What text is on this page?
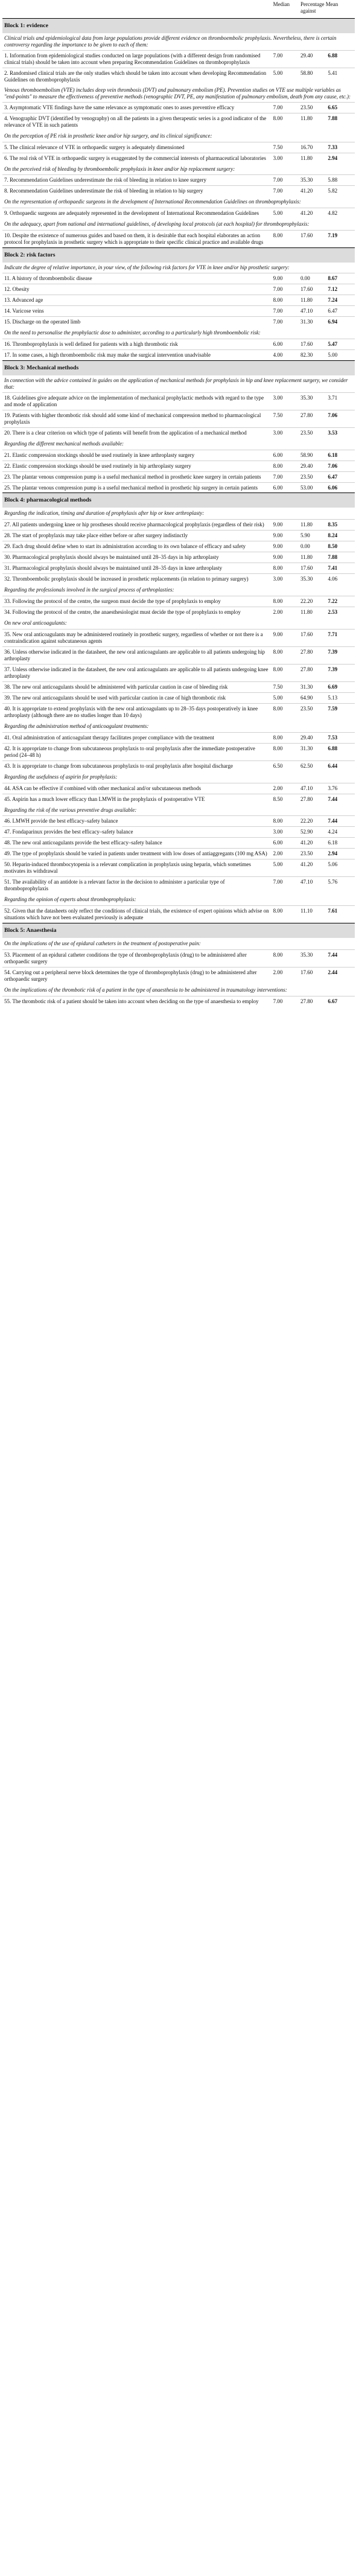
	Median	Percentage Mean against	
Block 1: evidence			
Clinical trials and epidemiological data from large populations provide different evidence on thromboembolic prophylaxis. Nevertheless, there is certain controversy regarding the importance to be given to each of them:			
1. Information from epidemiological studies conducted on large populations (with a different design from randomised clinical trials) should be taken into account when preparing Recommendation Guidelines on thromboprophylaxis	7.00	29.40	6.88
2. Randomised clinical trials are the only studies which should be taken into account when developing Recommendation Guidelines on thromboprophylaxis	5.00	58.80	5.41
Venous thromboembolism (VTE) includes deep vein thrombosis (DVT) and pulmonary embolism (PE). Prevention studies on VTE use multiple variables as "end-points" to measure the effectiveness of preventive methods (venographic DVT, PE, any manifestation of pulmonary embolism, death from any cause, etc.):			
3. Asymptomatic VTE findings have the same relevance as symptomatic ones to asses preventive efficacy	7.00	23.50	6.65
4. Venographic DVT (identified by venography) on all the patients in a given therapeutic series is a good indicator of the relevance of VTE in such patients	8.00	11.80	7.88
On the perception of PE risk in prosthetic knee and/or hip surgery, and its clinical significance:			
5. The clinical relevance of VTE in orthopaedic surgery is adequately dimensioned	7.50	16.70	7.33
6. The real risk of VTE in orthopaedic surgery is exaggerated by the commercial interests of pharmaceutical laboratories	3.00	11.80	2.94
On the perceived risk of bleeding by thromboembolic prophylaxis in knee and/or hip replacement surgery:			
7. Recommendation Guidelines underestimate the risk of bleeding in relation to knee surgery	7.00	35.30	5.88
8. Recommendation Guidelines underestimate the risk of bleeding in relation to hip surgery	7.00	41.20	5.82
On the representation of orthopaedic surgeons in the development of International Recommendation Guidelines on thromboprophylaxis:			
9. Orthopaedic surgeons are adequately represented in the development of International Recommendation Guidelines	5.00	41.20	4.82
On the adequacy, apart from national and international guidelines, of developing local protocols (at each hospital) for thromboprophylaxis:			
10. Despite the existence of numerous guides and based on them, it is desirable that each hospital elaborates an action protocol for prophylaxis in prosthetic surgery which is appropriate to their specific clinical practice and available drugs	8.00	17.60	7.19
Block 2: risk factors			
Indicate the degree of relative importance, in your view, of the following risk factors for VTE in knee and/or hip prosthetic surgery:			
11. A history of thromboembolic disease	9.00	0.00	8.67
12. Obesity	7.00	17.60	7.12
13. Advanced age	8.00	11.80	7.24
14. Varicose veins	7.00	47.10	6.47
15. Discharge on the operated limb	7.00	31.30	6.94
On the need to personalise the prophylactic dose to administer, according to a particularly high thromboembolic risk:			
16. Thromboprophylaxis is well defined for patients with a high thrombotic risk	6.00	17.60	5.47
17. In some cases, a high thromboembolic risk may make the surgical intervention unadvisable	4.00	82.30	5.00
Block 3: Mechanical methods			
In connection with the advice contained in guides on the application of mechanical methods for prophylaxis in hip and knee replacement surgery, we consider that:			
18. Guidelines give adequate advice on the implementation of mechanical prophylactic methods with regard to the type and mode of application	3.00	35.30	3.71
19. Patients with higher thrombotic risk should add some kind of mechanical compression method to pharmacological prophylaxis	7.50	27.80	7.06
20. There is a clear criterion on which type of patients will benefit from the application of a mechanical method	3.00	23.50	3.53
Regarding the different mechanical methods available:			
21. Elastic compression stockings should be used routinely in knee arthroplasty surgery	6.00	58.90	6.18
22. Elastic compression stockings should be used routinely in hip arthroplasty surgery	8.00	29.40	7.06
23. The plantar venous compression pump is a useful mechanical method in prosthetic knee surgery in certain patients	7.00	23.50	6.47
25. The plantar venous compression pump is a useful mechanical method in prosthetic hip surgery in certain patients	6.00	53.00	6.06
Block 4: pharmacological methods			
Regarding the indication, timing and duration of prophylaxis after hip or knee arthroplasty:			
27. All patients undergoing knee or hip prostheses should receive pharmacological prophylaxis (regardless of their risk)	9.00	11.80	8.35
28. The start of prophylaxis may take place either before or after surgery indistinctly	9.00	5.90	8.24
29. Each drug should define when to start its administration according to its own balance of efficacy and safety	9.00	0.00	8.50
30. Pharmacological prophylaxis should always be maintained until 28–35 days in hip arthroplasty	9.00	11.80	7.88
31. Pharmacological prophylaxis should always be maintained until 28–35 days in knee arthroplasty	8.00	17.60	7.41
32. Thromboembolic prophylaxis should be increased in prosthetic replacements (in relation to primary surgery)	3.00	35.30	4.06
Regarding the professionals involved in the surgical process of arthroplasties:			
33. Following the protocol of the centre, the surgeon must decide the type of prophylaxis to employ	8.00	22.20	7.22
34. Following the protocol of the centre, the anaesthesiologist must decide the type of prophylaxis to employ	2.00	11.80	2.53
On new oral anticoagulants:			
35. New oral anticoagulants may be administered routinely in prosthetic surgery, regardless of whether or not there is a contraindication against subcutaneous agents	9.00	17.60	7.71
36. Unless otherwise indicated in the datasheet, the new oral anticoagulants are applicable to all patients undergoing hip arthroplasty	8.00	27.80	7.39
37. Unless otherwise indicated in the datasheet, the new oral anticoagulants are applicable to all patients undergoing knee arthroplasty	8.00	27.80	7.39
38. The new oral anticoagulants should be administered with particular caution in case of bleeding risk	7.50	31.30	6.69
39. The new oral anticoagulants should be used with particular caution in case of high thrombotic risk	5.00	64.90	5.13
40. It is appropriate to extend prophylaxis with the new oral anticoagulants up to 28–35 days postoperatively in knee arthroplasty (although there are no studies longer than 10 days)	8.00	23.50	7.59
Regarding the administration method of anticoagulant treatments:			
41. Oral administration of anticoagulant therapy facilitates proper compliance with the treatment	8.00	29.40	7.53
42. It is appropriate to change from subcutaneous prophylaxis to oral prophylaxis after the immediate postoperative period (24–48 h)	8.00	31.30	6.88
43. It is appropriate to change from subcutaneous prophylaxis to oral prophylaxis after hospital discharge	6.50	62.50	6.44
Regarding the usefulness of aspirin for prophylaxis:			
44. ASA can be effective if combined with other mechanical and/or subcutaneous methods	2.00	47.10	3.76
45. Aspirin has a much lower efficacy than LMWH in the prophylaxis of postoperative VTE	8.50	27.80	7.44
Regarding the risk of the various preventive drugs available:			
46. LMWH provide the best efficacy–safety balance	8.00	22.20	7.44
47. Fondaparinux provides the best efficacy–safety balance	3.00	52.90	4.24
48. The new oral anticoagulants provide the best efficacy–safety balance	6.00	41.20	6.18
49. The type of prophylaxis should be varied in patients under treatment with low doses of antiaggregants (100 mg ASA)	2.00	23.50	2.94
50. Heparin-induced thrombocytopenia is a relevant complication in prophylaxis using heparin, which sometimes motivates its withdrawal	5.00	41.20	5.06
51. The availability of an antidote is a relevant factor in the decision to administer a particular type of thromboprophylaxis	7.00	47.10	5.76
Regarding the opinion of experts about thromboprophylaxis:			
52. Given that the datasheets only reflect the conditions of clinical trials, the existence of expert opinions which advise on situations which have not been evaluated previously is adequate	8.00	11.10	7.61
Block 5: Anaesthesia			
On the implications of the use of epidural catheters in the treatment of postoperative pain:			
53. Placement of an epidural catheter conditions the type of thromboprophylaxis (drug) to be administered after orthopaedic surgery	8.00	35.30	7.44
54. Carrying out a peripheral nerve block determines the type of thromboprophylaxis (drug) to be administered after orthopaedic surgery	2.00	17.60	2.44
On the implications of the thrombotic risk of a patient in the type of anaesthesia to be administered in traumatology interventions:			
55. The thrombotic risk of a patient should be taken into account when deciding on the type of anaesthesia to employ	7.00	27.80	6.67
